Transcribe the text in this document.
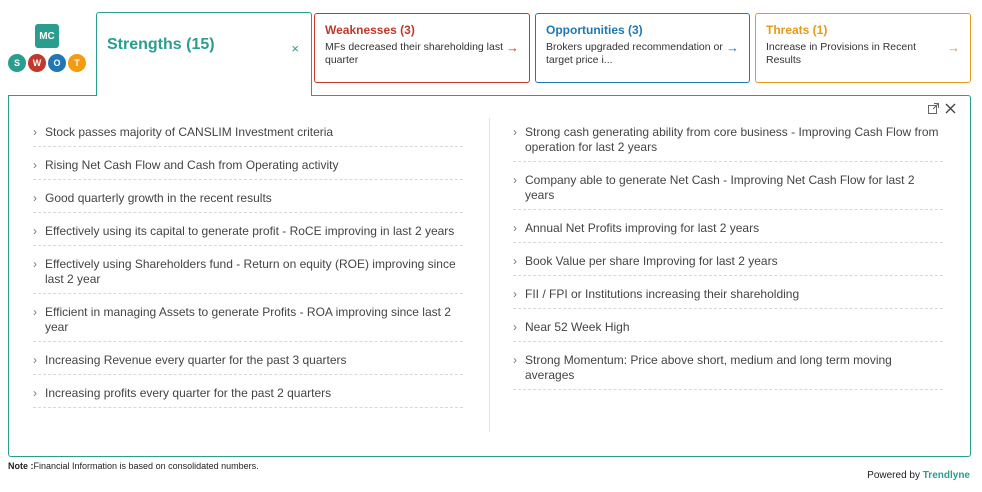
MC
S	W	O	T
Strengths (15)	×
Weaknesses (3)
MFs decreased their shareholding last quarter
→
Opportunities (3)
Brokers upgraded recommendation or target price i...
→
Threats (1)
Increase in Provisions in Recent Results
→
› Stock passes majority of CANSLIM Investment criteria
› Rising Net Cash Flow and Cash from Operating activity
› Good quarterly growth in the recent results
› Effectively using its capital to generate profit - RoCE improving in last 2 years
› Effectively using Shareholders fund - Return on equity (ROE) improving since last 2 year
› Efficient in managing Assets to generate Profits - ROA improving since last 2 year
› Increasing Revenue every quarter for the past 3 quarters
› Increasing profits every quarter for the past 2 quarters
› Strong cash generating ability from core business - Improving Cash Flow from operation for last 2 years
› Company able to generate Net Cash - Improving Net Cash Flow for last 2 years
› Annual Net Profits improving for last 2 years
› Book Value per share Improving for last 2 years
› FII / FPI or Institutions increasing their shareholding
› Near 52 Week High
› Strong Momentum: Price above short, medium and long term moving averages
Note :Financial Information is based on consolidated numbers.
Powered by Trendlyne
